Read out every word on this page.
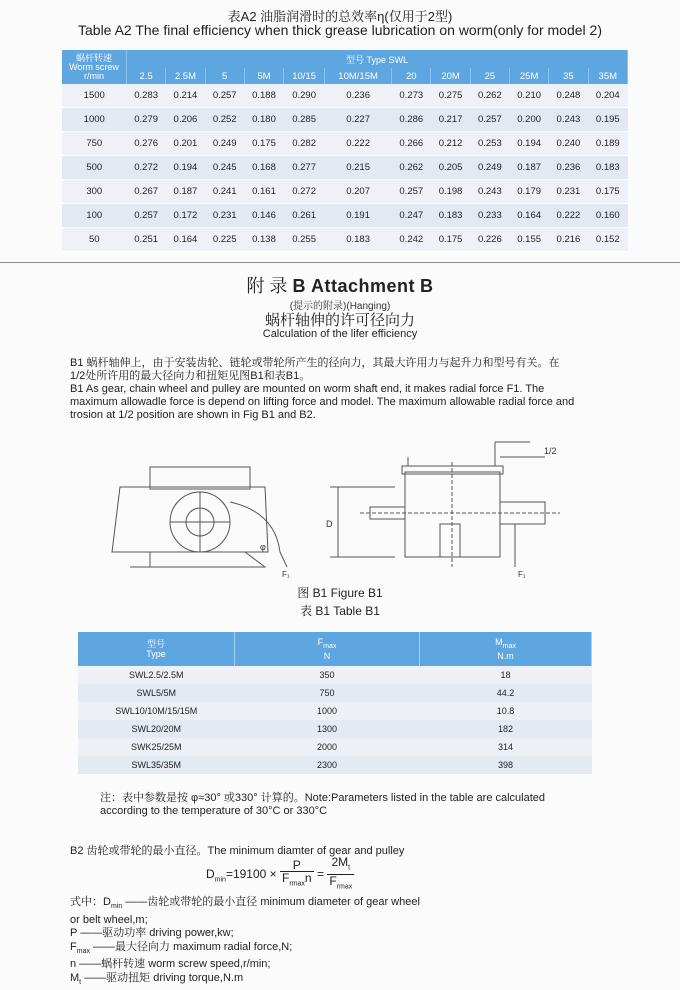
表A2 油脂润滑时的总效率η(仅用于2型)
Table A2 The final efficiency when thick grease lubrication on worm(only for model 2)
蜗杆转速
Worm screw
r/min	型号 Type SWL											
	2.5	2.5M	5	5M	10/15	10M/15M	20	20M	25	25M	35	35M
1500	0.283	0.214	0.257	0.188	0.290	0.236	0.273	0.275	0.262	0.210	0.248	0.204
1000	0.279	0.206	0.252	0.180	0.285	0.227	0.286	0.217	0.257	0.200	0.243	0.195
750	0.276	0.201	0.249	0.175	0.282	0.222	0.266	0.212	0.253	0.194	0.240	0.189
500	0.272	0.194	0.245	0.168	0.277	0.215	0.262	0.205	0.249	0.187	0.236	0.183
300	0.267	0.187	0.241	0.161	0.272	0.207	0.257	0.198	0.243	0.179	0.231	0.175
100	0.257	0.172	0.231	0.146	0.261	0.191	0.247	0.183	0.233	0.164	0.222	0.160
50	0.251	0.164	0.225	0.138	0.255	0.183	0.242	0.175	0.226	0.155	0.216	0.152
附 录 B Attachment B
(提示的附录)(Hanging)
蜗杆轴伸的许可径向力
Calculation of the lifer efficiency
B1 蜗杆轴伸上，由于安装齿轮、链轮或带轮所产生的径向力，其最大许用力与起升力和型号有关。在
1/2处所许用的最大径向力和扭矩见图B1和表B1。
B1 As gear, chain wheel and pulley are mounted on worm shaft end, it makes radial force F1. The
maximum allowadle force is depend on lifting force and model. The maximum allowable radial force and
trosion at 1/2 position are shown in Fig B1 and B2.
φ
F₁
1/2
D
F₁
图 B1 Figure B1
表 B1 Table B1
型号
Type	$F_{max}$
N	$M_{max}$
N.m
SWL2.5/2.5M	350	18
SWL5/5M	750	44.2
SWL10/10M/15/15M	1000	10.8
SWL20/20M	1300	182
SWK25/25M	2000	314
SWL35/35M	2300	398
注：表中参数是按 φ≈30° 或330° 计算的。Note:Parameters listed in the table are calculated
according to the temperature of 30°C or 330°C
B2 齿轮或带轮的最小直径。The minimum diamter of gear and pulley
$D_{min}=19100 \times \frac{P}{F_{rmax}n} = \frac{2M_t}{F_{rmax}}$
式中：$D_{min}$ ——齿轮或带轮的最小直径 minimum diameter of gear wheel
or belt wheel,m;
P ——驱动功率 driving power,kw;
$F_{max}$ ——最大径向力 maximum radial force,N;
n ——蜗杆转速 worm screw speed,r/min;
$M_t$ ——驱动扭矩 driving torque,N.m
